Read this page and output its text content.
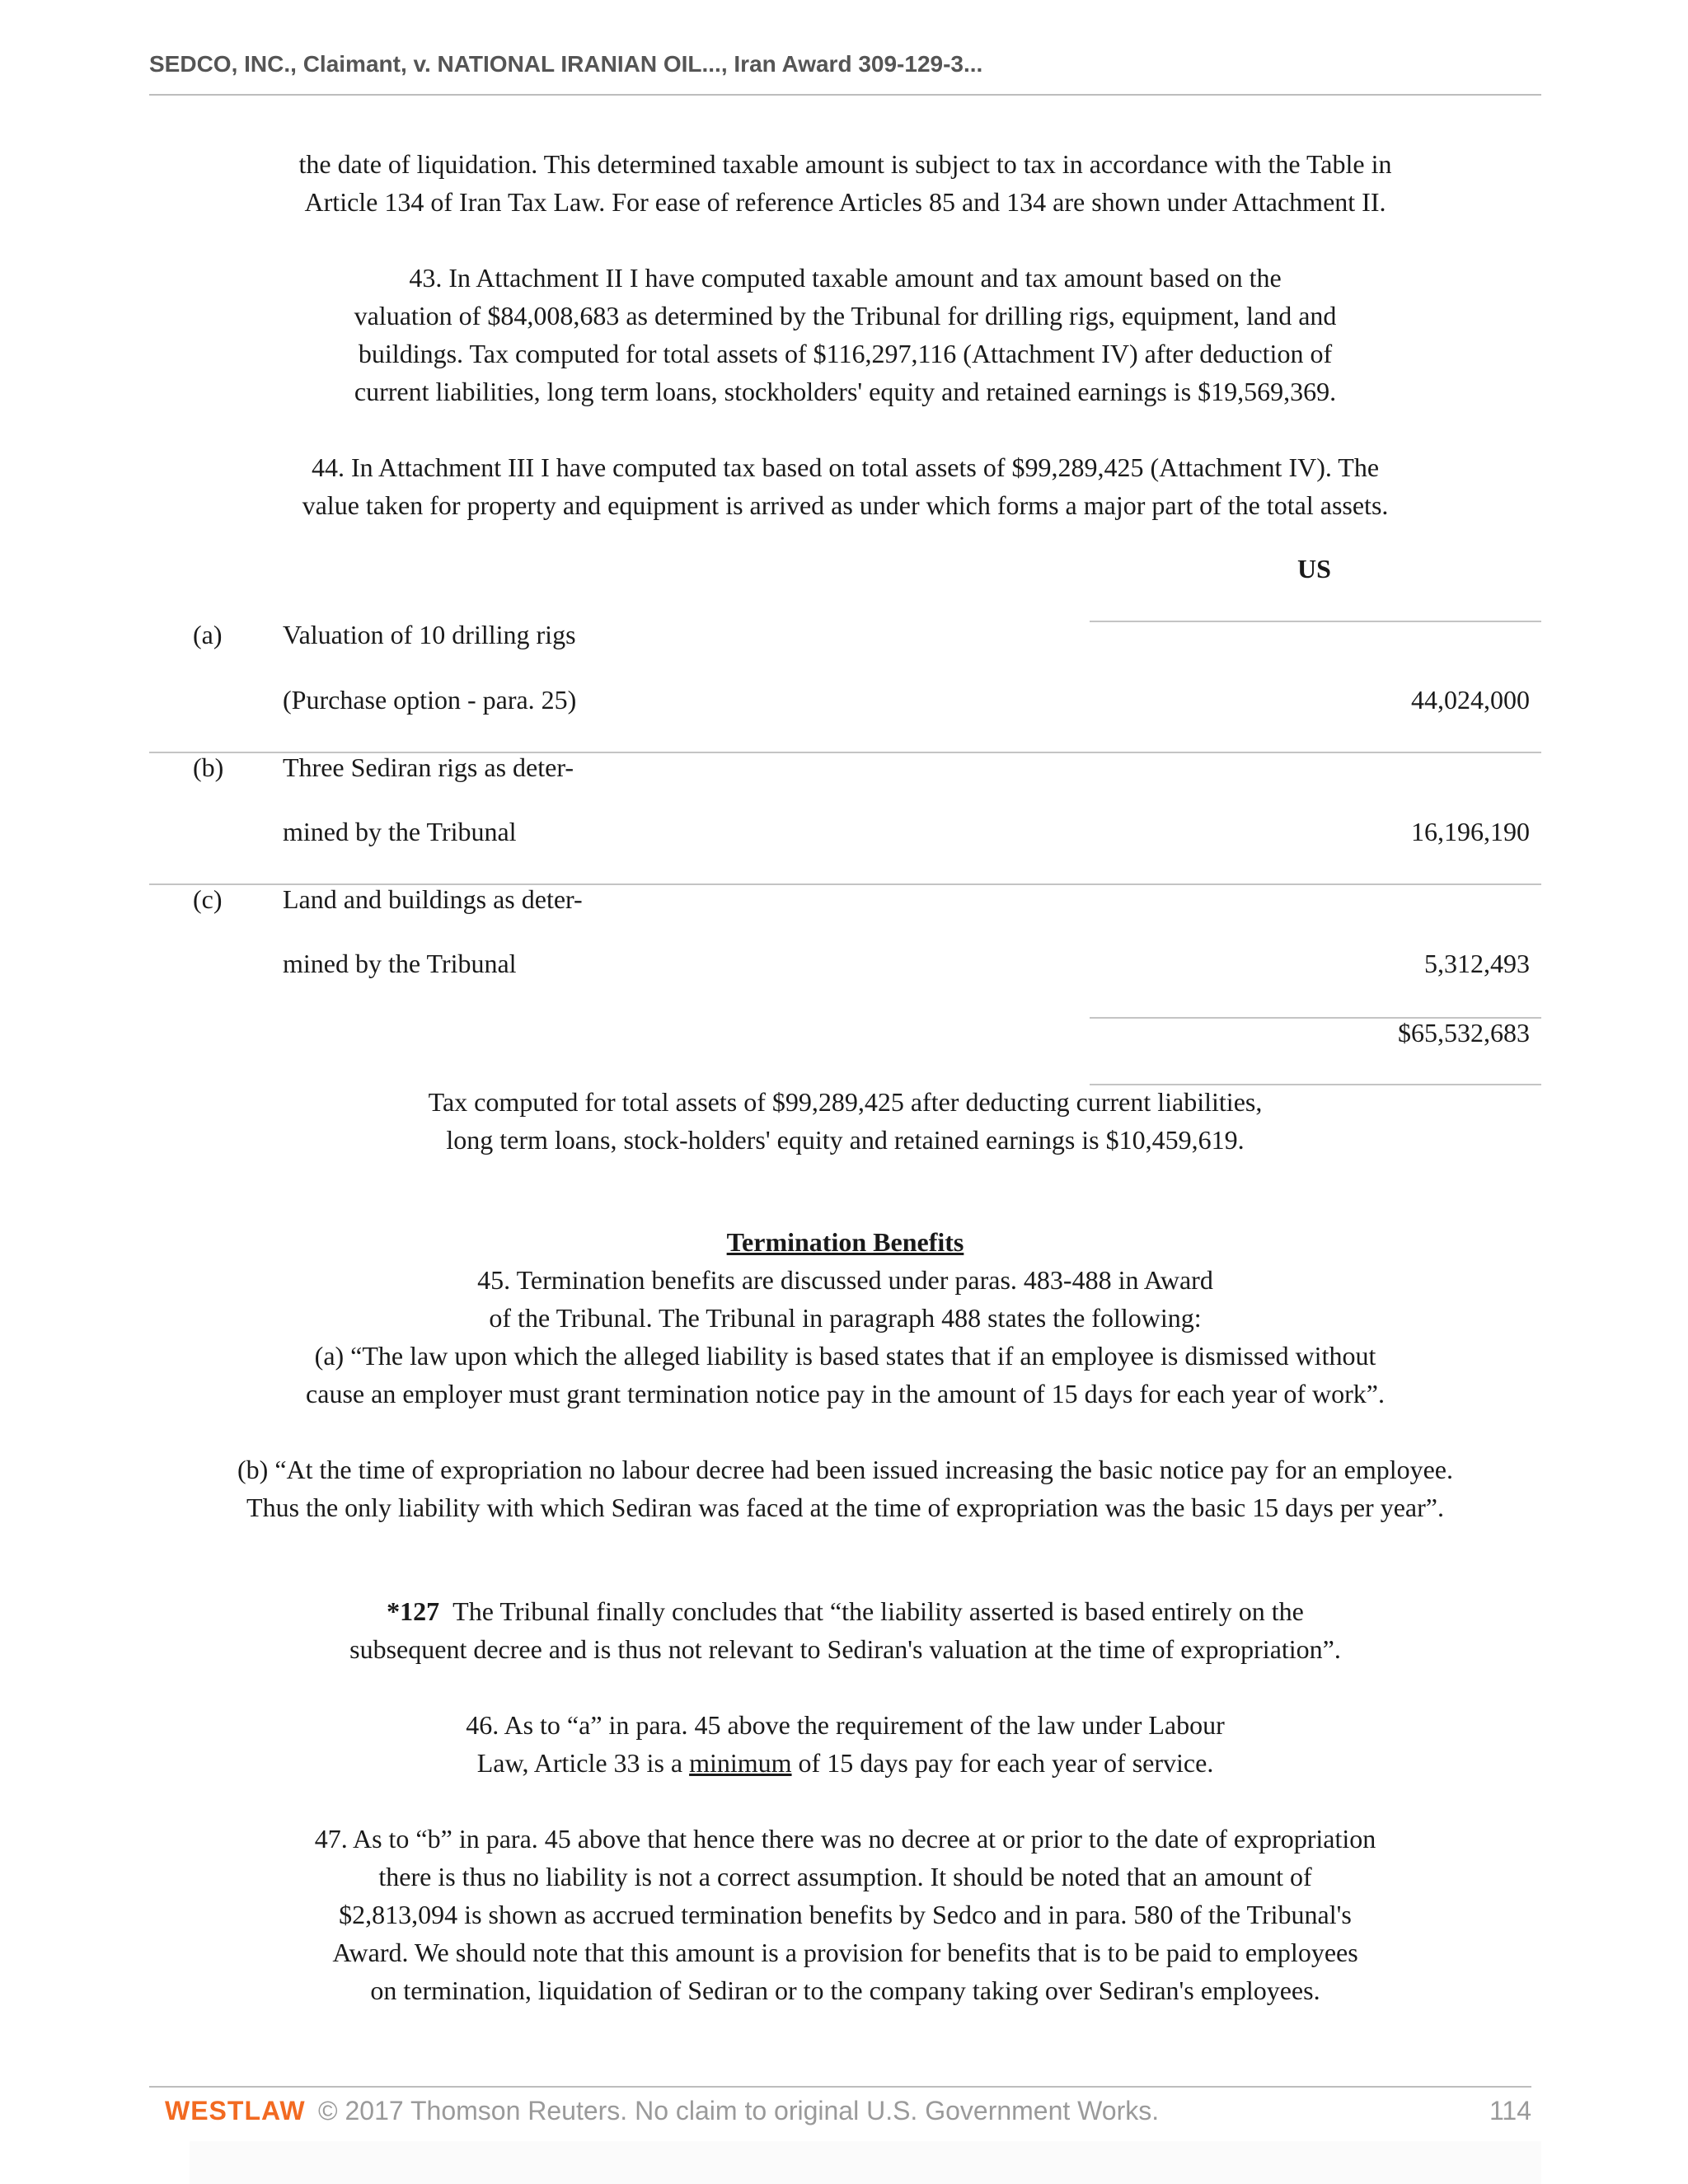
SEDCO, INC., Claimant, v. NATIONAL IRANIAN OIL..., Iran Award 309-129-3...
the date of liquidation. This determined taxable amount is subject to tax in accordance with the Table in
Article 134 of Iran Tax Law. For ease of reference Articles 85 and 134 are shown under Attachment II.
43. In Attachment II I have computed taxable amount and tax amount based on the
valuation of $84,008,683 as determined by the Tribunal for drilling rigs, equipment, land and
buildings. Tax computed for total assets of $116,297,116 (Attachment IV) after deduction of
current liabilities, long term loans, stockholders' equity and retained earnings is $19,569,369.
44. In Attachment III I have computed tax based on total assets of $99,289,425 (Attachment IV). The
value taken for property and equipment is arrived as under which forms a major part of the total assets.
US
(a) Valuation of 10 drilling rigs
(Purchase option - para. 25)	44,024,000
(b) Three Sediran rigs as deter-
mined by the Tribunal	16,196,190
(c) Land and buildings as deter-
mined by the Tribunal	5,312,493
$65,532,683
Tax computed for total assets of $99,289,425 after deducting current liabilities,
long term loans, stock-holders' equity and retained earnings is $10,459,619.
Termination Benefits
45. Termination benefits are discussed under paras. 483-488 in Award
of the Tribunal. The Tribunal in paragraph 488 states the following:
(a) “The law upon which the alleged liability is based states that if an employee is dismissed without
cause an employer must grant termination notice pay in the amount of 15 days for each year of work”.
(b) “At the time of expropriation no labour decree had been issued increasing the basic notice pay for an employee.
Thus the only liability with which Sediran was faced at the time of expropriation was the basic 15 days per year”.
*127 The Tribunal finally concludes that “the liability asserted is based entirely on the
subsequent decree and is thus not relevant to Sediran's valuation at the time of expropriation”.
46. As to “a” in para. 45 above the requirement of the law under Labour
Law, Article 33 is a minimum of 15 days pay for each year of service.
47. As to “b” in para. 45 above that hence there was no decree at or prior to the date of expropriation
there is thus no liability is not a correct assumption. It should be noted that an amount of
$2,813,094 is shown as accrued termination benefits by Sedco and in para. 580 of the Tribunal's
Award. We should note that this amount is a provision for benefits that is to be paid to employees
on termination, liquidation of Sediran or to the company taking over Sediran's employees.
WESTLAW © 2017 Thomson Reuters. No claim to original U.S. Government Works.	114
